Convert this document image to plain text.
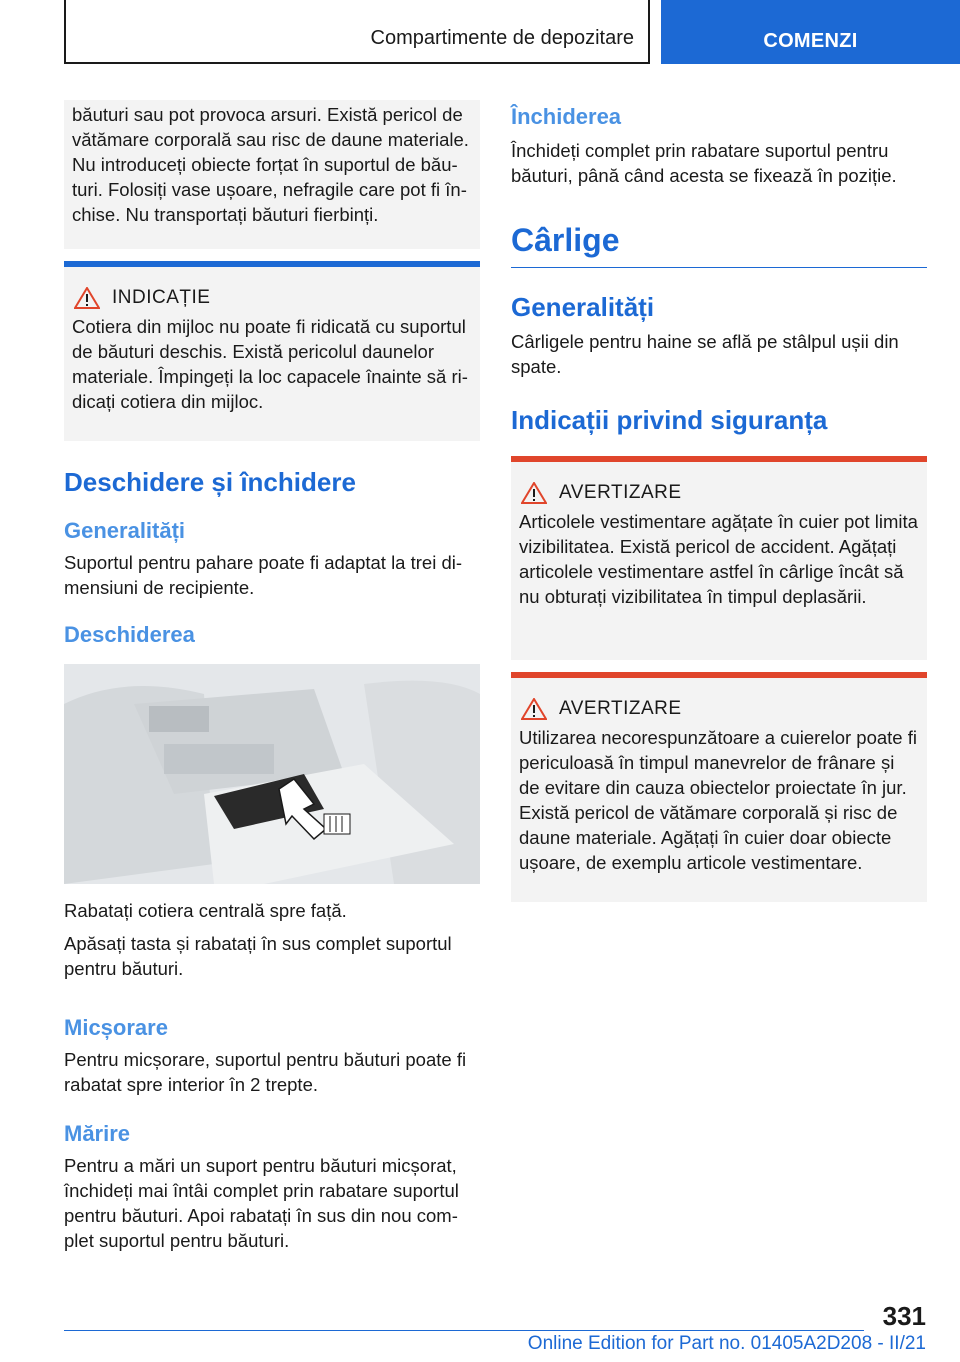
Compartimente de depozitare	COMENZI

băuturi sau pot provoca arsuri. Există pericol de vătămare corporală sau risc de daune materiale. Nu introduceți obiecte forțat în suportul de băuturi. Folosiți vase ușoare, nefragile care pot fi închise. Nu transportați băuturi fierbinți.

INDICAȚIE

Cotiera din mijloc nu poate fi ridicată cu suportul de băuturi deschis. Există pericolul daunelor materiale. Împingeți la loc capacele înainte să ridicați cotiera din mijloc.

Deschidere și închidere
Generalități

Suportul pentru pahare poate fi adaptat la trei dimensiuni de recipiente.

Deschiderea

Rabatați cotiera centrală spre față.

Apăsați tasta și rabatați în sus complet suportul pentru băuturi.

Micșorare

Pentru micșorare, suportul pentru băuturi poate fi rabatat spre interior în 2 trepte.

Mărire

Pentru a mări un suport pentru băuturi micșorat, închideți mai întâi complet prin rabatare suportul pentru băuturi. Apoi rabatați în sus din nou complet suportul pentru băuturi.

Închiderea

Închideți complet prin rabatare suportul pentru băuturi, până când acesta se fixează în poziție.

Cârlige
Generalități

Cârligele pentru haine se află pe stâlpul ușii din spate.

Indicații privind siguranța
AVERTIZARE

Articolele vestimentare agățate în cuier pot limita vizibilitatea. Există pericol de accident. Agățați articolele vestimentare astfel în cârlige încât să nu obturați vizibilitatea în timpul deplasării.

AVERTIZARE

Utilizarea necorespunzătoare a cuierelor poate fi periculoasă în timpul manevrelor de frânare și de evitare din cauza obiectelor proiectate în jur. Există pericol de vătămare corporală și risc de daune materiale. Agățați în cuier doar obiecte ușoare, de exemplu articole vestimentare.

331
Online Edition for Part no. 01405A2D208 - II/21
